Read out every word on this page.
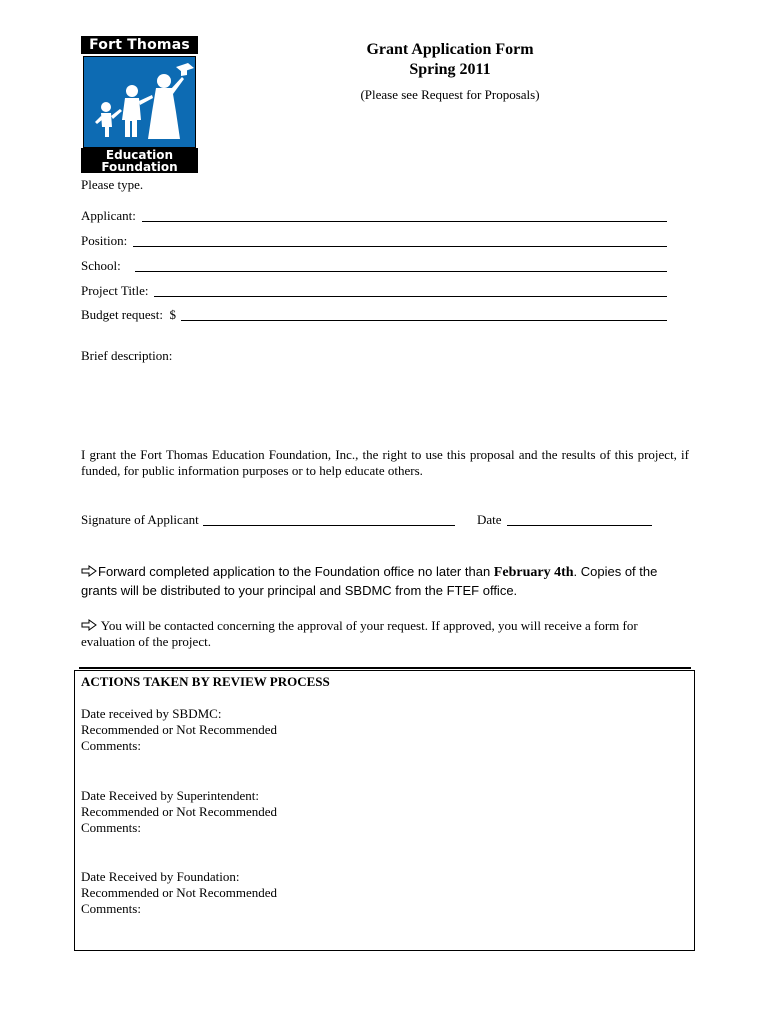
Fort Thomas
Education
Foundation
Grant Application Form
Spring 2011
(Please see Request for Proposals)
Please type.
Applicant:
Position:
School:
Project Title:
Budget request:  $
Brief description:
I grant the Fort Thomas Education Foundation, Inc., the right to use this proposal and the results of this project, if funded, for public information purposes or to help educate others.
Signature of Applicant	Date
Forward completed application to the Foundation office no later than February 4th. Copies of the
grants will be distributed to your principal and SBDMC from the FTEF office.
You will be contacted concerning the approval of your request. If approved, you will receive a form for evaluation of the project.
ACTIONS TAKEN BY REVIEW PROCESS
Date received by SBDMC:
Recommended or Not Recommended
Comments:
Date Received by Superintendent:
Recommended or Not Recommended
Comments:
Date Received by Foundation:
Recommended or Not Recommended
Comments:
